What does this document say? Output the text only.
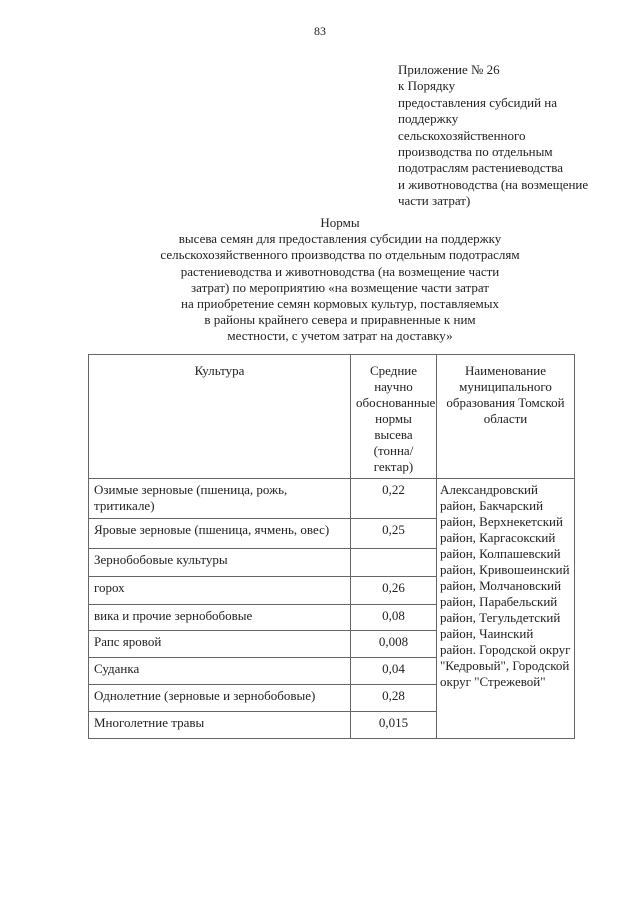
83
Приложение № 26
к Порядку
предоставления субсидий на
поддержку
сельскохозяйственного
производства по отдельным
подотраслям растениеводства
и животноводства (на возмещение
части затрат)
Нормы
высева семян для предоставления субсидии на поддержку
сельскохозяйственного производства по отдельным подотраслям
растениеводства и животноводства (на возмещение части
затрат) по мероприятию «на возмещение части затрат
на приобретение семян кормовых культур, поставляемых
в районы крайнего севера и приравненные к ним
местности, с учетом затрат на доставку»
Культура	Средние научно обоснованные нормы высева (тонна/гектар)	Наименование муниципального образования Томской области
Озимые зерновые (пшеница, рожь, тритикале)	0,22	Александровский район, Бакчарский район, Верхнекетский район, Каргасокский район, Колпашевский район, Кривошеинский район, Молчановский район, Парабельский район, Тегульдетский район, Чаинский район. Городской округ "Кедровый", Городской округ "Стрежевой"
Яровые зерновые (пшеница, ячмень, овес)	0,25	
Зернобобовые культуры		
горох	0,26	
вика и прочие зернобобовые	0,08	
Рапс яровой	0,008	
Суданка	0,04	
Однолетние (зерновые и зернобобовые)	0,28	
Многолетние травы	0,015	
